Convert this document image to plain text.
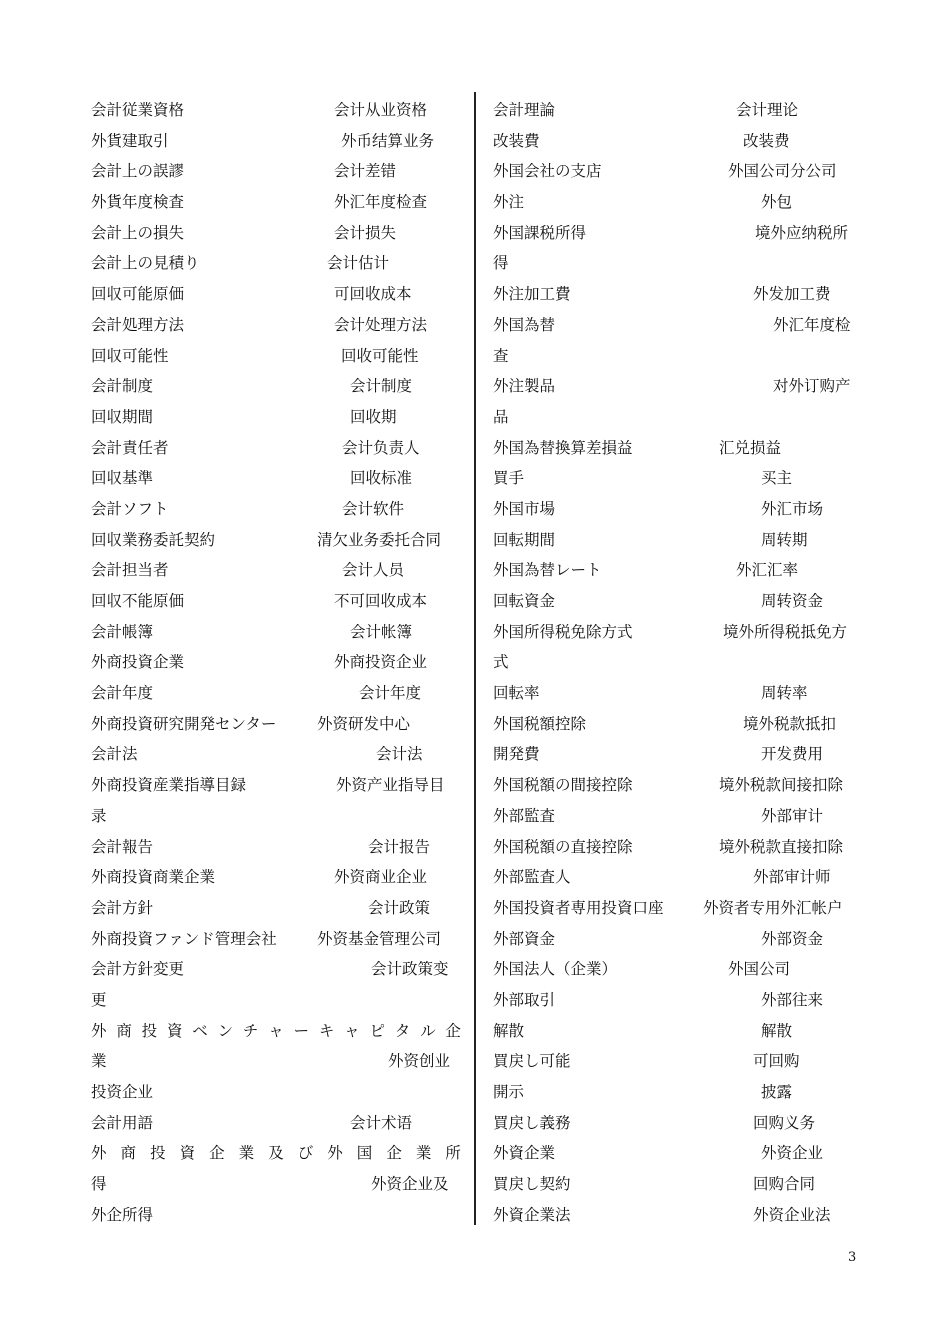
会計従業資格	会计从业资格
外貨建取引	外币结算业务
会計上の誤謬	会计差错
外貨年度検査	外汇年度检查
会計上の損失	会计损失
会計上の見積り	会计估计
回収可能原価	可回收成本
会計処理方法	会计处理方法
回収可能性	回收可能性
会計制度	会计制度
回収期間	回收期
会計責任者	会计负责人
回収基準	回收标准
会計ソフト	会计软件
回収業務委託契約	清欠业务委托合同
会計担当者	会计人员
回収不能原価	不可回收成本
会計帳簿	会计帐簿
外商投資企業	外商投资企业
会計年度	会计年度
外商投資研究開発センター	外资研发中心
会計法	会计法
外商投資産業指導目録	外资产业指导目
录
会計報告	会计报告
外商投資商業企業	外资商业企业
会計方針	会计政策
外商投資ファンド管理会社	外资基金管理公司
会計方針変更	会计政策变
更
外 商 投 資 ベ ン チ ャ ー キ ャ ピ タ ル 企
業	外资创业
投资企业
会計用語	会计术语
外 商 投 資 企 業 及 び 外 国 企 業 所
得	外资企业及
外企所得
会計理論	会计理论
改装費	改装费
外国会社の支店	外国公司分公司
外注	外包
外国課税所得	境外应纳税所
得
外注加工費	外发加工费
外国為替	外汇年度检
查
外注製品	对外订购产
品
外国為替換算差損益	汇兑损益
買手	买主
外国市場	外汇市场
回転期間	周转期
外国為替レート	外汇汇率
回転資金	周转资金
外国所得税免除方式	境外所得税抵免方
式
回転率	周转率
外国税額控除	境外税款抵扣
開発費	开发费用
外国税額の間接控除	境外税款间接扣除
外部監査	外部审计
外国税額の直接控除	境外税款直接扣除
外部監査人	外部审计师
外国投資者専用投資口座	外资者专用外汇帐户
外部資金	外部资金
外国法人（企業）	外国公司
外部取引	外部往来
解散	解散
買戻し可能	可回购
開示	披露
買戻し義務	回购义务
外資企業	外资企业
買戻し契約	回购合同
外資企業法	外资企业法
3
